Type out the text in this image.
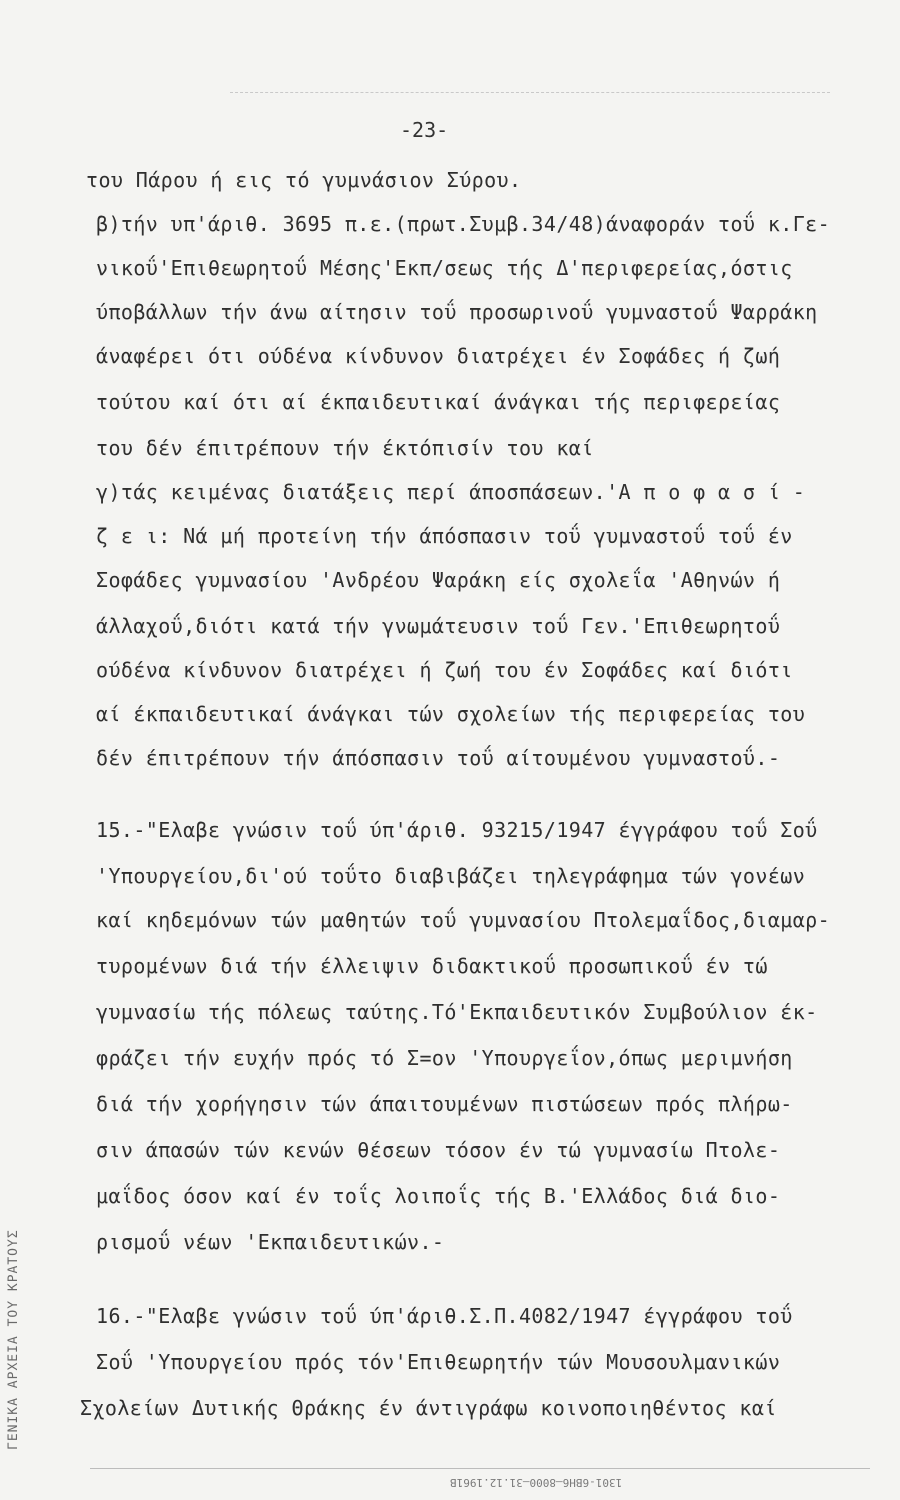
-23-
του Πάρου ή εις τό γυμνάσιον Σύρου.
β)τήν υπ'άριθ. 3695 π.ε.(πρωτ.Συμβ.34/48)άναφοράν τοΰ κ.Γε-
νικοΰ'Επιθεωρητοΰ Μέσης'Εκπ/σεως τής Δ'περιφερείας,όστις
ύποβάλλων τήν άνω αίτησιν τοΰ προσωρινοΰ γυμναστοΰ Ψαρράκη
άναφέρει ότι ούδένα κίνδυνον διατρέχει έν Σοφάδες ή ζωή
τούτου καί ότι αί έκπαιδευτικαί άνάγκαι τής περιφερείας
του δέν έπιτρέπουν τήν έκτόπισίν του καί
γ)τάς κειμένας διατάξεις περί άποσπάσεων.'Α π ο φ α σ ί -
ζ ε ι: Νά μή προτείνη τήν άπόσπασιν τοΰ γυμναστοΰ τοΰ έν
Σοφάδες γυμνασίου 'Ανδρέου Ψαράκη είς σχολεΐα 'Αθηνών ή
άλλαχοΰ,διότι κατά τήν γνωμάτευσιν τοΰ Γεν.'Επιθεωρητοΰ
ούδένα κίνδυνον διατρέχει ή ζωή του έν Σοφάδες καί διότι
αί έκπαιδευτικαί άνάγκαι τών σχολείων τής περιφερείας του
δέν έπιτρέπουν τήν άπόσπασιν τοΰ αίτουμένου γυμναστοΰ.-
15.-"Ελαβε γνώσιν τοΰ ύπ'άριθ. 93215/1947 έγγράφου τοΰ Σοΰ
'Υπουργείου,δι'ού τοΰτο διαβιβάζει τηλεγράφημα τών γονέων
καί κηδεμόνων τών μαθητών τοΰ γυμνασίου Πτολεμαΐδος,διαμαρ-
τυρομένων διά τήν έλλειψιν διδακτικοΰ προσωπικοΰ έν τώ
γυμνασίω τής πόλεως ταύτης.Τό'Εκπαιδευτικόν Συμβούλιον έκ-
φράζει τήν ευχήν πρός τό Σ=ον 'Υπουργεΐον,όπως μεριμνήση
διά τήν χορήγησιν τών άπαιτουμένων πιστώσεων πρός πλήρω-
σιν άπασών τών κενών θέσεων τόσον έν τώ γυμνασίω Πτολε-
μαΐδος όσον καί έν τοΐς λοιποΐς τής Β.'Ελλάδος διά διο-
ρισμοΰ νέων 'Εκπαιδευτικών.-
16.-"Ελαβε γνώσιν τοΰ ύπ'άριθ.Σ.Π.4082/1947 έγγράφου τοΰ
Σοΰ 'Υπουργείου πρός τόν'Επιθεωρητήν τών Μουσουλμανικών
Σχολείων Δυτικής Θράκης έν άντιγράφω κοινοποιηθέντος καί
ΓΕΝΙΚΑ ΑΡΧΕΙΑ ΤΟΥ ΚΡΑΤΟΥΣ
1301-6ΒΗ6—8000—31.12.1961Β
